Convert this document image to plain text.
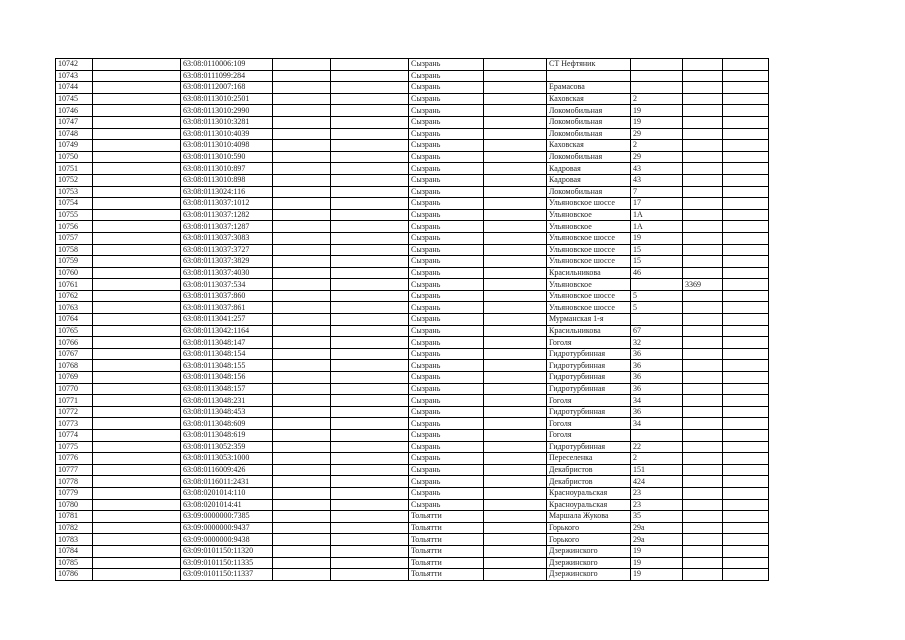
10742		63:08:0110006:109			Сызрань		СТ Нефтяник			
10743		63:08:0111099:284			Сызрань					
10744		63:08:0112007:168			Сызрань		Ерамасова			
10745		63:08:0113010:2501			Сызрань		Каховская	2		
10746		63:08:0113010:2990			Сызрань		Локомобильная	19		
10747		63:08:0113010:3281			Сызрань		Локомобильная	19		
10748		63:08:0113010:4039			Сызрань		Локомобильная	29		
10749		63:08:0113010:4098			Сызрань		Каховская	2		
10750		63:08:0113010:590			Сызрань		Локомобильная	29		
10751		63:08:0113010:897			Сызрань		Кадровая	43		
10752		63:08:0113010:898			Сызрань		Кадровая	43		
10753		63:08:0113024:116			Сызрань		Локомобильная	7		
10754		63:08:0113037:1012			Сызрань		Ульяновское шоссе	17		
10755		63:08:0113037:1282			Сызрань		Ульяновское	1А		
10756		63:08:0113037:1287			Сызрань		Ульяновское	1А		
10757		63:08:0113037:3083			Сызрань		Ульяновское шоссе	19		
10758		63:08:0113037:3727			Сызрань		Ульяновское шоссе	15		
10759		63:08:0113037:3829			Сызрань		Ульяновское шоссе	15		
10760		63:08:0113037:4030			Сызрань		Красильникова	46		
10761		63:08:0113037:534			Сызрань		Ульяновское		3369	
10762		63:08:0113037:860			Сызрань		Ульяновское шоссе	5		
10763		63:08:0113037:861			Сызрань		Ульяновское шоссе	5		
10764		63:08:0113041:257			Сызрань		Мурманская 1-я			
10765		63:08:0113042:1164			Сызрань		Красильникова	67		
10766		63:08:0113048:147			Сызрань		Гоголя	32		
10767		63:08:0113048:154			Сызрань		Гидротурбинная	36		
10768		63:08:0113048:155			Сызрань		Гидротурбинная	36		
10769		63:08:0113048:156			Сызрань		Гидротурбинная	36		
10770		63:08:0113048:157			Сызрань		Гидротурбинная	36		
10771		63:08:0113048:231			Сызрань		Гоголя	34		
10772		63:08:0113048:453			Сызрань		Гидротурбинная	36		
10773		63:08:0113048:609			Сызрань		Гоголя	34		
10774		63:08:0113048:619			Сызрань		Гоголя			
10775		63:08:0113052:359			Сызрань		Гидротурбинная	22		
10776		63:08:0113053:1000			Сызрань		Переселенка	2		
10777		63:08:0116009:426			Сызрань		Декабристов	151		
10778		63:08:0116011:2431			Сызрань		Декабристов	424		
10779		63:08:0201014:110			Сызрань		Красноуральская	23		
10780		63:08:0201014:41			Сызрань		Красноуральская	23		
10781		63:09:0000000:7385			Тольятти		Маршала Жукова	35		
10782		63:09:0000000:9437			Тольятти		Горького	29а		
10783		63:09:0000000:9438			Тольятти		Горького	29а		
10784		63:09:0101150:11320			Тольятти		Дзержинского	19		
10785		63:09:0101150:11335			Тольятти		Дзержинского	19		
10786		63:09:0101150:11337			Тольятти		Дзержинского	19		
